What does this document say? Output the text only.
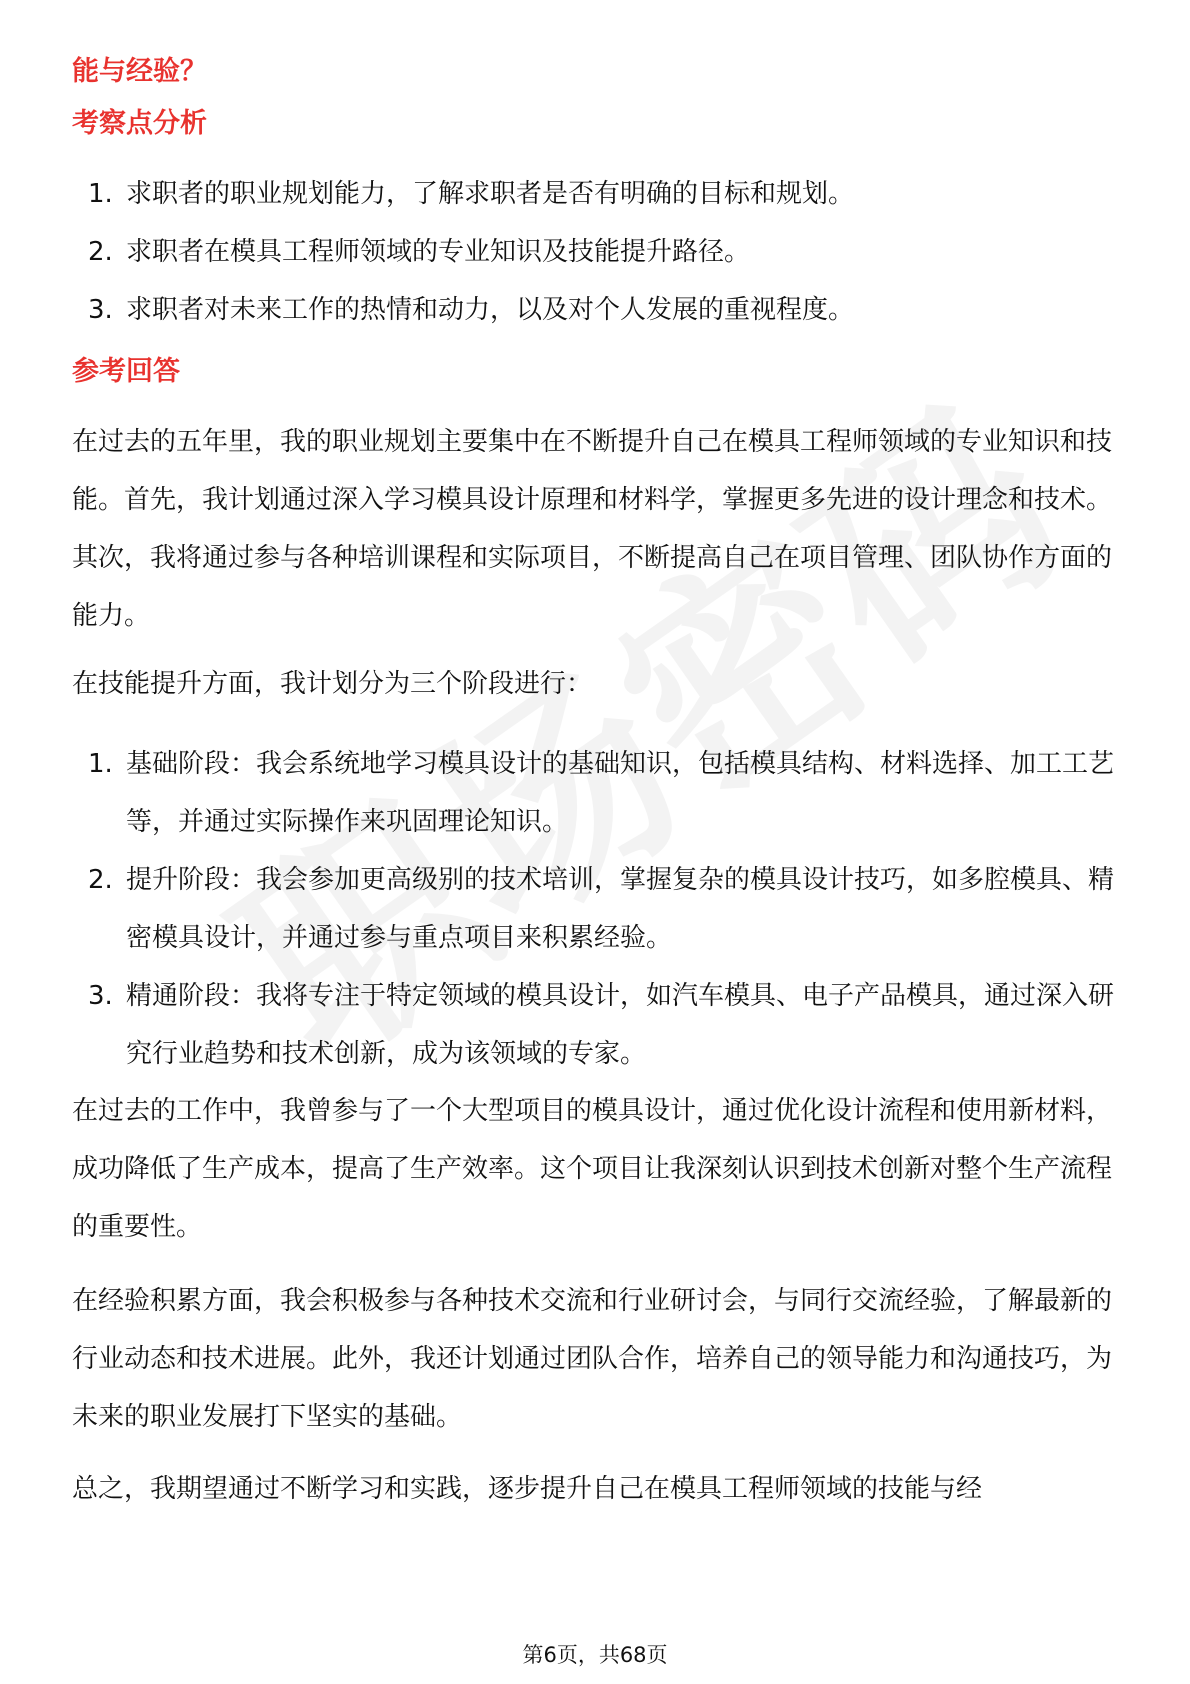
能与经验？
考察点分析
1. 求职者的职业规划能力，了解求职者是否有明确的目标和规划。
2. 求职者在模具工程师领域的专业知识及技能提升路径。
3. 求职者对未来工作的热情和动力，以及对个人发展的重视程度。
参考回答

在过去的五年里，我的职业规划主要集中在不断提升自己在模具工程师领域的专业知识和技能。首先，我计划通过深入学习模具设计原理和材料学，掌握更多先进的设计理念和技术。其次，我将通过参与各种培训课程和实际项目，不断提高自己在项目管理、团队协作方面的能力。

在技能提升方面，我计划分为三个阶段进行：

1. 基础阶段：我会系统地学习模具设计的基础知识，包括模具结构、材料选择、加工工艺等，并通过实际操作来巩固理论知识。
2. 提升阶段：我会参加更高级别的技术培训，掌握复杂的模具设计技巧，如多腔模具、精密模具设计，并通过参与重点项目来积累经验。
3. 精通阶段：我将专注于特定领域的模具设计，如汽车模具、电子产品模具，通过深入研究行业趋势和技术创新，成为该领域的专家。

在过去的工作中，我曾参与了一个大型项目的模具设计，通过优化设计流程和使用新材料，成功降低了生产成本，提高了生产效率。这个项目让我深刻认识到技术创新对整个生产流程的重要性。

在经验积累方面，我会积极参与各种技术交流和行业研讨会，与同行交流经验，了解最新的行业动态和技术进展。此外，我还计划通过团队合作，培养自己的领导能力和沟通技巧，为未来的职业发展打下坚实的基础。

总之，我期望通过不断学习和实践，逐步提升自己在模具工程师领域的技能与经

第6页，共68页
